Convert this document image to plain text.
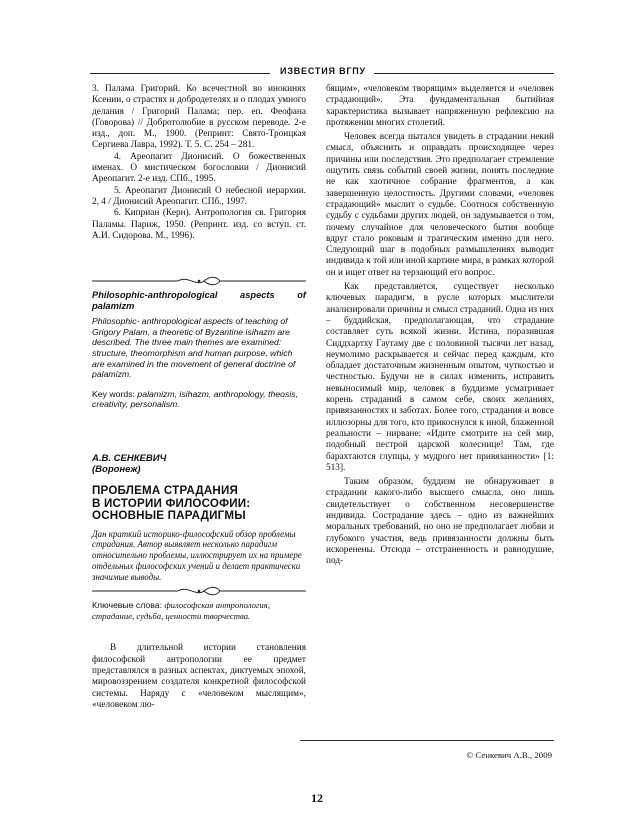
ИЗВЕСТИЯ ВГПУ

3. Палама Григорий. Ко всечестной во инокинях Ксении, о страстях и добродетелях и о плодах умного делания / Григорий Палама; пер. еп. Феофана (Говорова) // Добротолюбие в русском переводе. 2-е изд., доп. М., 1900. (Репринт: Свято-Троицкая Сергиева Лавра, 1992). Т. 5. С. 254 – 281.

4. Ареопагит Дионисий. О божественных именах. О мистическом богословии / Дионисий Ареопагит. 2-е изд. СПб., 1995.

5. Ареопагит Дионисий О небесной иерархии. 2, 4 / Дионисий Ареопагит. СПб., 1997.

6. Киприан (Керн). Антропология св. Григория Паламы. Париж, 1950. (Репринт. изд. со вступ. ст. А.И. Сидорова. М., 1996).

Philosophic-anthropological aspects of palamizm

Philosophic- anthropological aspects of teaching of Grigory Palam, a theoretic of Byzantine isihazm are described. The three main themes are examined: structure, theomorphism and human purpose, which are examined in the movement of general doctrine of palamizm.

Key words: palamizm, isihazm, anthropology, theosis, creativity, personalism.

А.В. СЕНКЕВИЧ
(Воронеж)
ПРОБЛЕМА СТРАДАНИЯ
В ИСТОРИИ ФИЛОСОФИИ:
ОСНОВНЫЕ ПАРАДИГМЫ

Дан краткий историко-философский обзор проблемы страдания. Автор выявляет несколько парадигм относительно проблемы, иллюстрирует их на примере отдельных философских учений и делает практически значимые выводы.

Ключевые слова: философская антропология, страдание, судьба, ценности творчества.

В длительной истории становления философской антропологии ее предмет представлялся в разных аспектах, диктуемых эпохой, мировоззрением создателя конкретной философской системы. Наряду с «человеком мыслящим», «человеком лю-

бящим», «человеком творящим» выделяется и «человек страдающий». Эта фундаментальная бытийная характеристика вызывает напряженную рефлексию на протяжении многих столетий.

Человек всегда пытался увидеть в страдании некий смысл, объяснить и оправдать происходящее через причины или последствия. Это предполагает стремление ощутить связь событий своей жизни, понять последние не как хаотичное собрание фрагментов, а как завершенную целостность. Другими словами, «человек страдающий» мыслит о судьбе. Соотнося собственную судьбу с судьбами других людей, он задумывается о том, почему случайное для человеческого бытия вообще вдруг стало роковым и трагическим именно для него. Следующий шаг в подобных размышлениях выводит индивида к той или иной картине мира, в рамках которой он и ищет ответ на терзающий его вопрос.

Как представляется, существует несколько ключевых парадигм, в русле которых мыслители анализировали причины и смысл страданий. Одна из них – буддийская, предполагающая, что страдание составляет суть всякой жизни. Истина, поразившая Сиддхартху Гаутаму две с половиной тысячи лет назад, неумолимо раскрывается и сейчас перед каждым, кто обладает достаточным жизненным опытом, чуткостью и честностью. Будучи не в силах изменить, исправить невыносимый мир, человек в буддизме усматривает корень страданий в самом себе, своих желаниях, привязанностях и заботах. Более того, страдания и вовсе иллюзорны для того, кто прикоснулся к иной, блаженной реальности – нирване: «Идите смотрите на сей мир, подобный пестрой царской колеснице! Там, где барахтаются глупцы, у мудрого нет привязанности» [1: 513].

Таким образом, буддизм не обнаруживает в страдании какого-либо высшего смысла, оно лишь свидетельствует о собственном несовершенстве индивида. Сострадание здесь – одно из важнейших моральных требований, но оно не предполагает любви и глубокого участия, ведь привязанности должны быть искоренены. Отсюда – отстраненность и равнодушие, под-

© Сенкевич А.В., 2009
12
